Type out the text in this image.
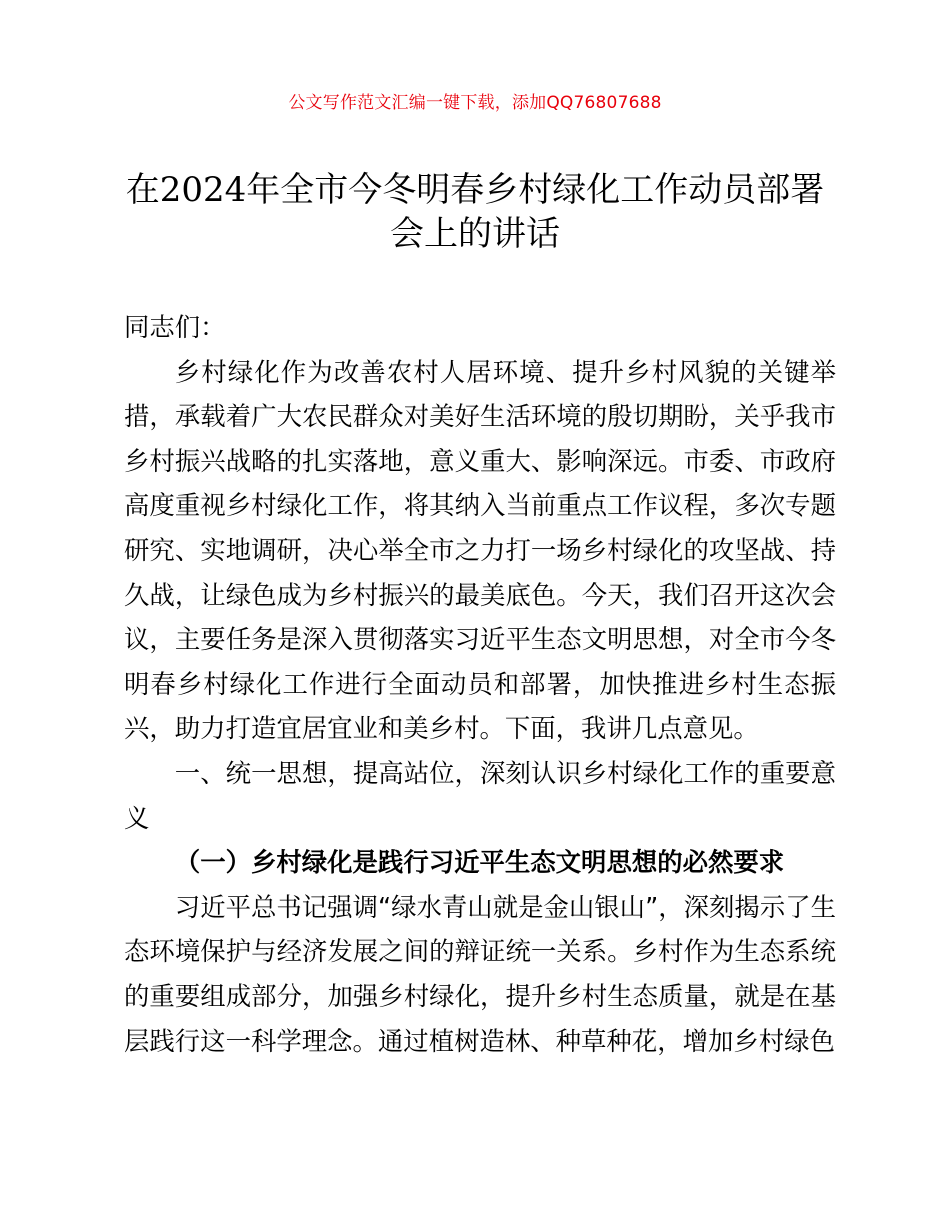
公文写作范文汇编一键下载，添加QQ76807688
在2024年全市今冬明春乡村绿化工作动员部署
会上的讲话

同志们：

乡村绿化作为改善农村人居环境、提升乡村风貌的关键举措，承载着广大农民群众对美好生活环境的殷切期盼，关乎我市乡村振兴战略的扎实落地，意义重大、影响深远。市委、市政府高度重视乡村绿化工作，将其纳入当前重点工作议程，多次专题研究、实地调研，决心举全市之力打一场乡村绿化的攻坚战、持久战，让绿色成为乡村振兴的最美底色。今天，我们召开这次会议，主要任务是深入贯彻落实习近平生态文明思想，对全市今冬明春乡村绿化工作进行全面动员和部署，加快推进乡村生态振兴，助力打造宜居宜业和美乡村。下面，我讲几点意见。

一、统一思想，提高站位，深刻认识乡村绿化工作的重要意义

（一）乡村绿化是践行习近平生态文明思想的必然要求

习近平总书记强调“绿水青山就是金山银山”，深刻揭示了生态环境保护与经济发展之间的辩证统一关系。乡村作为生态系统的重要组成部分，加强乡村绿化，提升乡村生态质量，就是在基层践行这一科学理念。通过植树造林、种草种花，增加乡村绿色
